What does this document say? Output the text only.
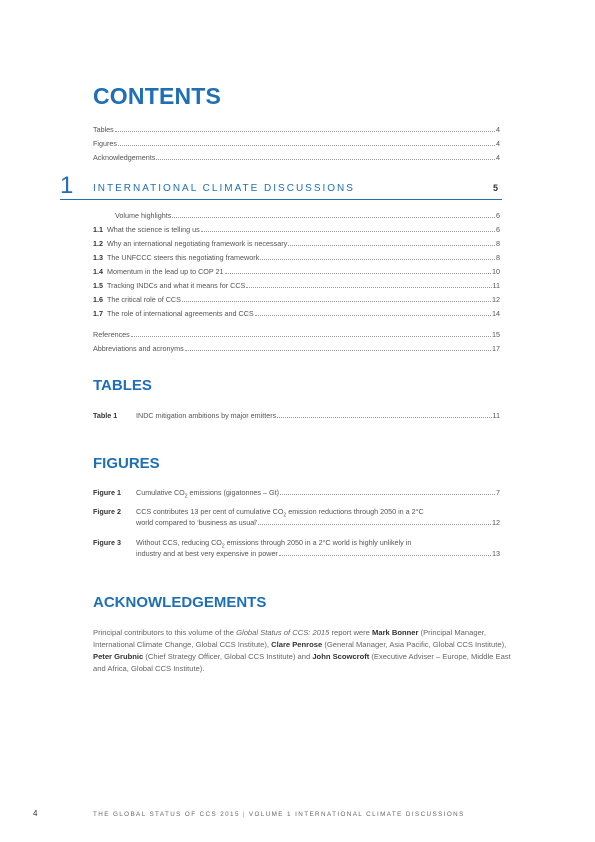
CONTENTS
Tables	4
Figures	4
Acknowledgements	4
1 INTERNATIONAL CLIMATE DISCUSSIONS	5
Volume highlights	6
1.1 What the science is telling us	6
1.2 Why an international negotiating framework is necessary	8
1.3 The UNFCCC steers this negotiating framework	8
1.4 Momentum in the lead up to COP 21	10
1.5 Tracking INDCs and what it means for CCS	11
1.6 The critical role of CCS	12
1.7 The role of international agreements and CCS	14
References	15
Abbreviations and acronyms	17
TABLES
Table 1	INDC mitigation ambitions by major emitters	11
FIGURES
Figure 1 Cumulative $CO_2$ emissions (gigatonnes – Gt)	7
Figure 2 CCS contributes 13 per cent of cumulative $CO_2$ emission reductions through 2050 in a 2°C
world compared to ‘business as usual’	12
Figure 3 Without CCS, reducing $CO_2$ emissions through 2050 in a 2°C world is highly unlikely in
industry and at best very expensive in power	13
ACKNOWLEDGEMENTS
Principal contributors to this volume of the Global Status of CCS: 2015 report were Mark Bonner (Principal Manager, International Climate Change, Global CCS Institute), Clare Penrose (General Manager, Asia Pacific, Global CCS Institute), Peter Grubnic (Chief Strategy Officer, Global CCS Institute) and John Scowcroft (Executive Adviser – Europe, Middle East and Africa, Global CCS Institute).
4	THE GLOBAL STATUS OF CCS 2015 | VOLUME 1 INTERNATIONAL CLIMATE DISCUSSIONS
